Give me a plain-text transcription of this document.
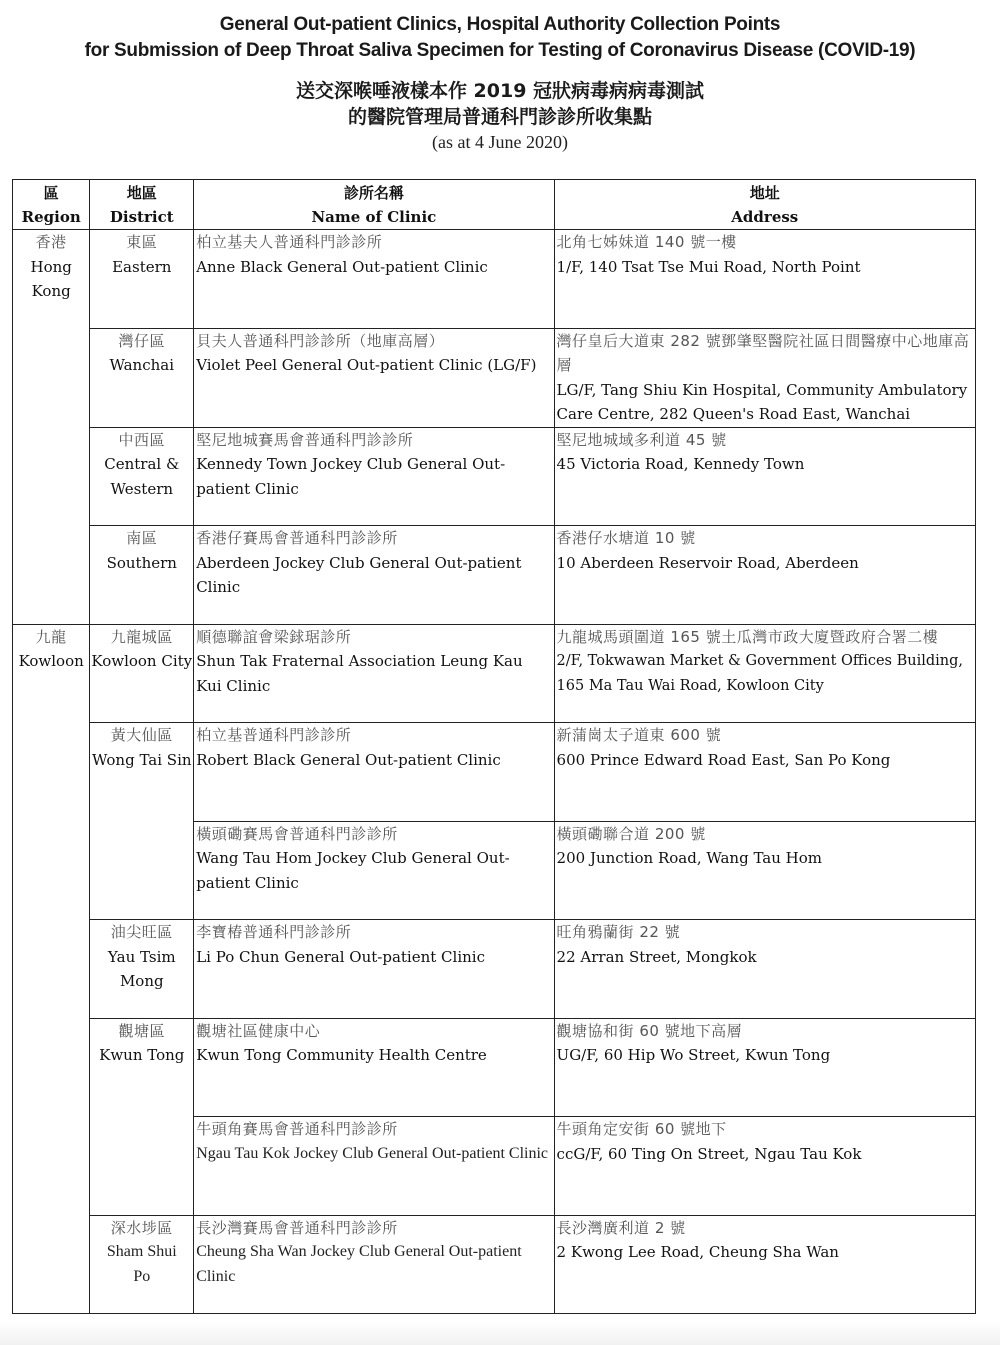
General Out-patient Clinics, Hospital Authority Collection Points
for Submission of Deep Throat Saliva Specimen for Testing of Coronavirus Disease (COVID-19)
送交深喉唾液樣本作 2019 冠狀病毒病病毒測試
的醫院管理局普通科門診診所收集點
(as at 4 June 2020)
區
Region	地區
District	診所名稱
Name of Clinic	地址
Address

香港
Hong
Kong	東區
Eastern	柏立基夫人普通科門診診所
Anne Black General Out-patient Clinic	北角七姊妹道 140 號一樓
1/F, 140 Tsat Tse Mui Road, North Point

	灣仔區
Wanchai	貝夫人普通科門診診所（地庫高層）
Violet Peel General Out-patient Clinic (LG/F)	灣仔皇后大道東 282 號鄧肇堅醫院社區日間醫療中心地庫高層
LG/F, Tang Shiu Kin Hospital, Community Ambulatory Care Centre, 282 Queen's Road East, Wanchai

	中西區
Central &
Western	堅尼地城賽馬會普通科門診診所
Kennedy Town Jockey Club General Out-patient Clinic	堅尼地城域多利道 45 號
45 Victoria Road, Kennedy Town

	南區
Southern	香港仔賽馬會普通科門診診所
Aberdeen Jockey Club General Out-patient Clinic	香港仔水塘道 10 號
10 Aberdeen Reservoir Road, Aberdeen

九龍
Kowloon	九龍城區
Kowloon City	順德聯誼會梁銶琚診所
Shun Tak Fraternal Association Leung Kau Kui Clinic	九龍城馬頭圍道 165 號土瓜灣市政大廈暨政府合署二樓
2/F, Tokwawan Market & Government Offices Building, 165 Ma Tau Wai Road, Kowloon City

	黃大仙區
Wong Tai Sin	柏立基普通科門診診所
Robert Black General Out-patient Clinic	新蒲崗太子道東 600 號
600 Prince Edward Road East, San Po Kong

		橫頭磡賽馬會普通科門診診所
Wang Tau Hom Jockey Club General Out-patient Clinic	橫頭磡聯合道 200 號
200 Junction Road, Wang Tau Hom

	油尖旺區
Yau Tsim
Mong	李寶椿普通科門診診所
Li Po Chun General Out-patient Clinic	旺角鴉蘭街 22 號
22 Arran Street, Mongkok

	觀塘區
Kwun Tong	觀塘社區健康中心
Kwun Tong Community Health Centre	觀塘協和街 60 號地下高層
UG/F, 60 Hip Wo Street, Kwun Tong

		牛頭角賽馬會普通科門診診所
Ngau Tau Kok Jockey Club General Out-patient Clinic	牛頭角定安街 60 號地下
ccG/F, 60 Ting On Street, Ngau Tau Kok

	深水埗區
Sham Shui
Po	長沙灣賽馬會普通科門診診所
Cheung Sha Wan Jockey Club General Out-patient Clinic	長沙灣廣利道 2 號
2 Kwong Lee Road, Cheung Sha Wan
